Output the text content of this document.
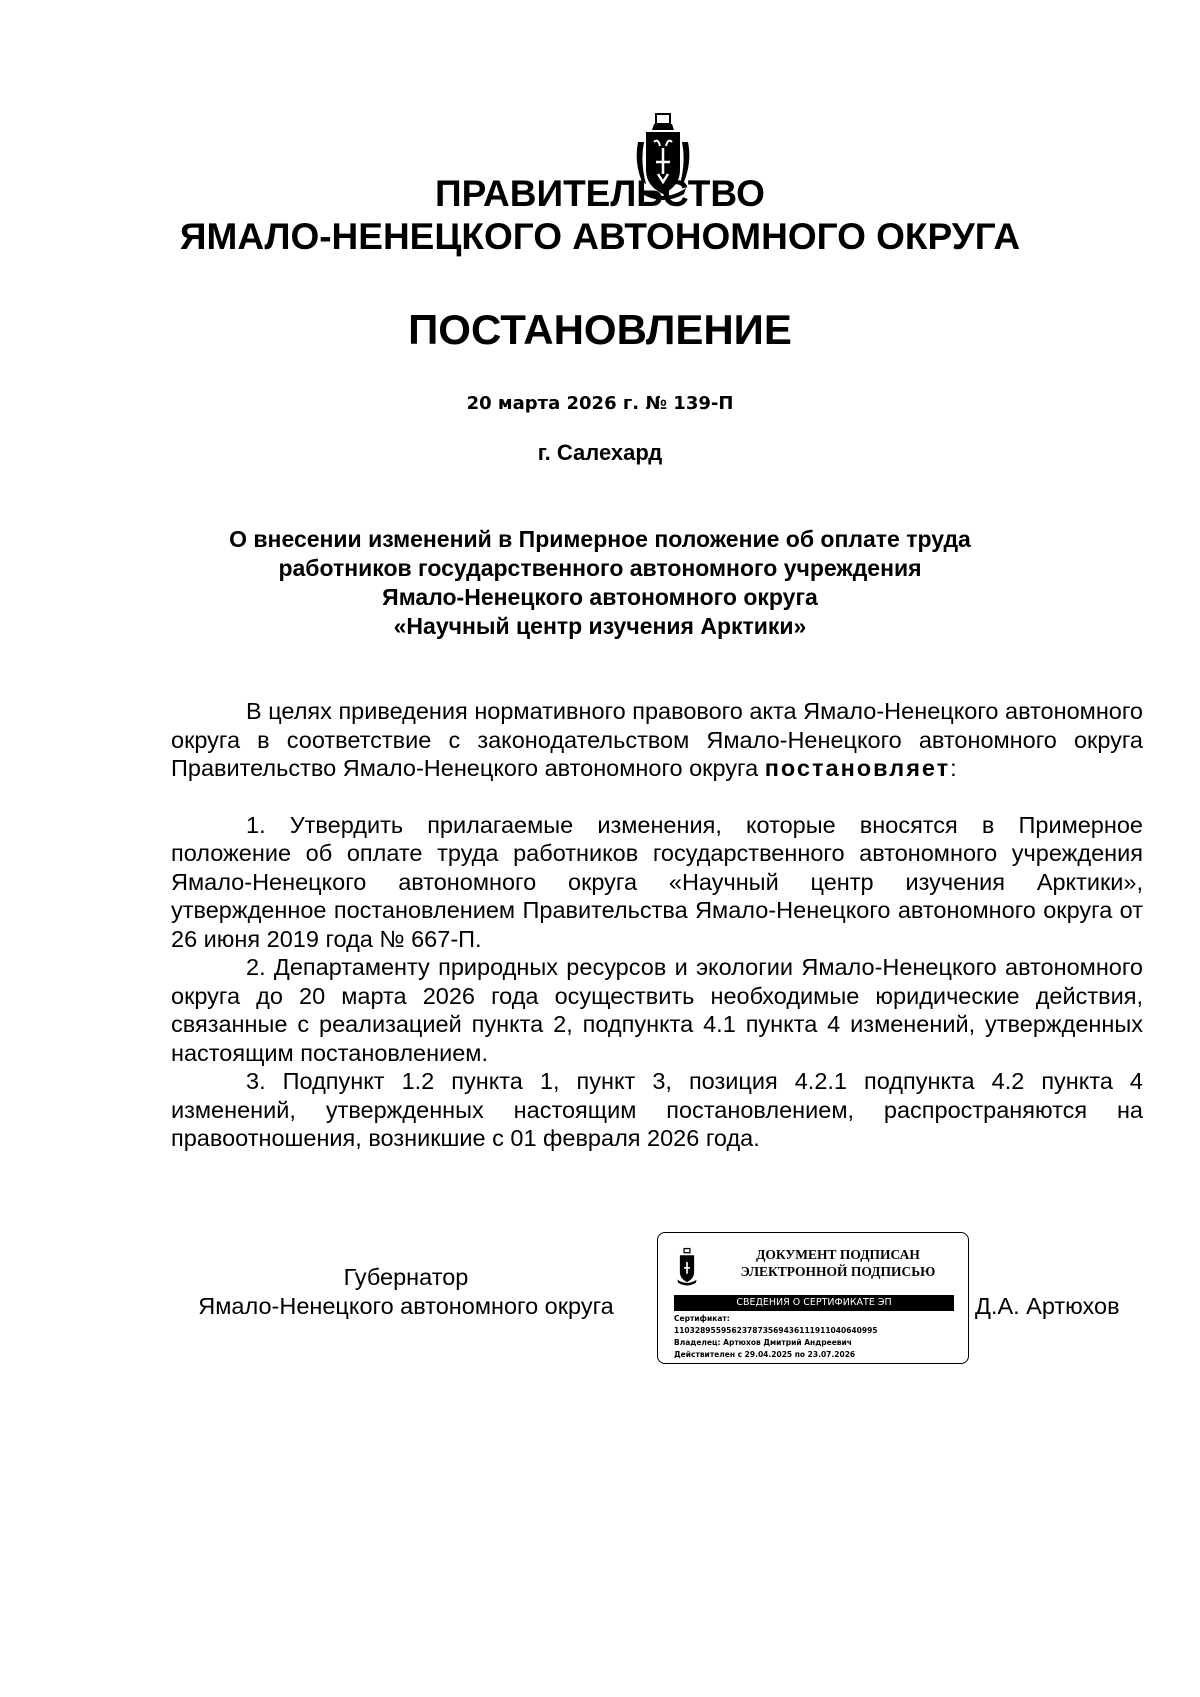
ПРАВИТЕЛЬСТВО
ЯМАЛО-НЕНЕЦКОГО АВТОНОМНОГО ОКРУГА
ПОСТАНОВЛЕНИЕ
20 марта 2026 г. № 139-П
г. Салехард
О внесении изменений в Примерное положение об оплате труда
работников государственного автономного учреждения
Ямало-Ненецкого автономного округа
«Научный центр изучения Арктики»

В целях приведения нормативного правового акта Ямало-Ненецкого автономного округа в соответствие с законодательством Ямало-Ненецкого автономного округа Правительство Ямало-Ненецкого автономного округа постановляет:

1. Утвердить прилагаемые изменения, которые вносятся в Примерное положение об оплате труда работников государственного автономного учреждения Ямало-Ненецкого автономного округа «Научный центр изучения Арктики», утвержденное постановлением Правительства Ямало-Ненецкого автономного округа от 26 июня 2019 года № 667-П.

2. Департаменту природных ресурсов и экологии Ямало-Ненецкого автономного округа до 20 марта 2026 года осуществить необходимые юридические действия, связанные с реализацией пункта 2, подпункта 4.1 пункта 4 изменений, утвержденных настоящим постановлением.

3. Подпункт 1.2 пункта 1, пункт 3, позиция 4.2.1 подпункта 4.2 пункта 4 изменений, утвержденных настоящим постановлением, распространяются на правоотношения, возникшие с 01 февраля 2026 года.

Губернатор
Ямало-Ненецкого автономного округа
ДОКУМЕНТ ПОДПИСАН
ЭЛЕКТРОННОЙ ПОДПИСЬЮ
СВЕДЕНИЯ О СЕРТИФИКАТЕ ЭП
Сертификат:
110328955956237873569436111911040640995
Владелец: Артюхов Дмитрий Андреевич
Действителен с 29.04.2025 по 23.07.2026
Д.А. Артюхов
